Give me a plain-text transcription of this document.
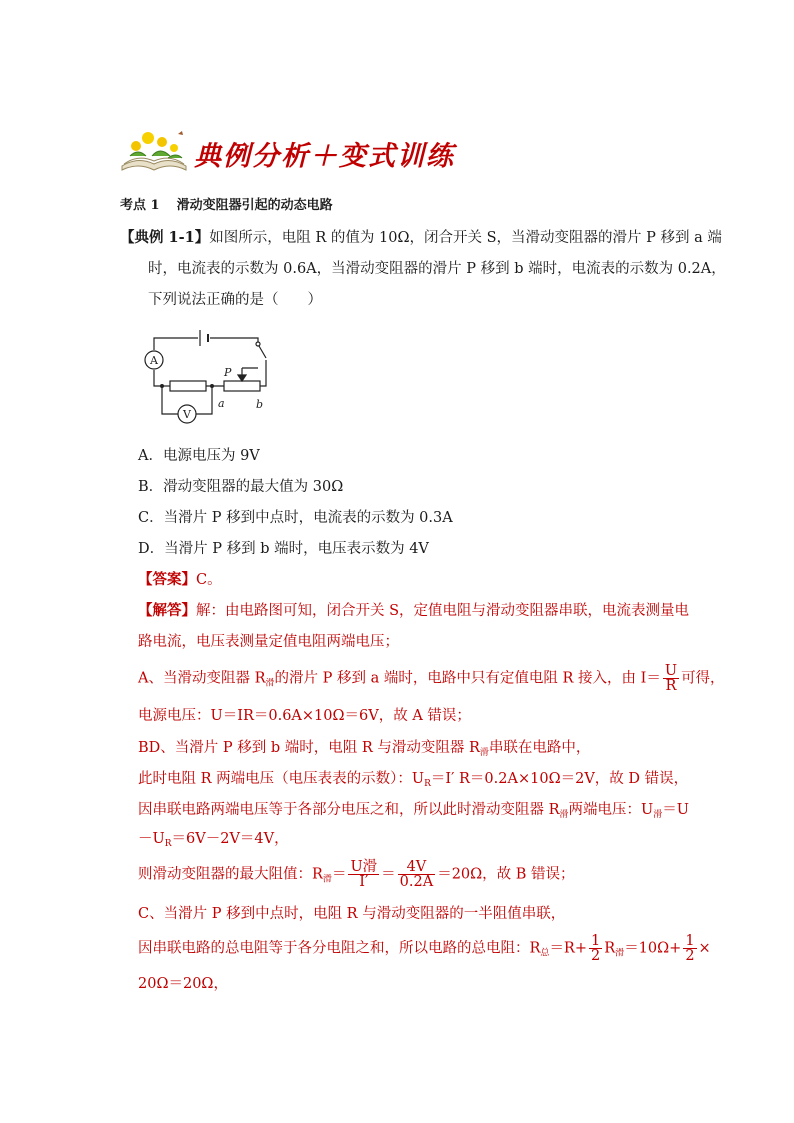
典例分析＋变式训练
考点 1 滑动变阻器引起的动态电路
【典例 1-1】如图所示，电阻 R 的值为 10Ω，闭合开关 S，当滑动变阻器的滑片 P 移到 a 端
时，电流表的示数为 0.6A，当滑动变阻器的滑片 P 移到 b 端时，电流表的示数为 0.2A，
下列说法正确的是（　　）
A
V
P
a	b
A．电源电压为 9V
B．滑动变阻器的最大值为 30Ω
C．当滑片 P 移到中点时，电流表的示数为 0.3A
D．当滑片 P 移到 b 端时，电压表示数为 4V
【答案】C。
【解答】解：由电路图可知，闭合开关 S，定值电阻与滑动变阻器串联，电流表测量电
路电流，电压表测量定值电阻两端电压；
A、当滑动变阻器 $R_滑$的滑片 P 移到 a 端时，电路中只有定值电阻 R 接入，由 $I= \frac{U}{R}$ 可得，
电源电压：U＝IR＝0.6A×10Ω＝6V，故 A 错误；
BD、当滑片 P 移到 b 端时，电阻 R 与滑动变阻器 $R_滑$串联在电路中，
此时电阻 R 两端电压（电压表表的示数）：$U_R=I'$ R＝0.2A×10Ω＝2V，故 D 错误，
因串联电路两端电压等于各部分电压之和，所以此时滑动变阻器 $R_滑$两端电压：$U_滑=U$
$-U_R=6V-2V=4V$，
则滑动变阻器的最大阻值：$R_滑= \frac{\text{U滑}}{I'} = \frac{4V}{0.2A} =20\Omega$，故 B 错误；
C、当滑片 P 移到中点时，电阻 R 与滑动变阻器的一半阻值串联，
因串联电路的总电阻等于各分电阻之和，所以电路的总电阻：$R_总=R+ \frac{1}{2} R_滑=10\Omega+ \frac{1}{2}$ ×
20Ω＝20Ω，
